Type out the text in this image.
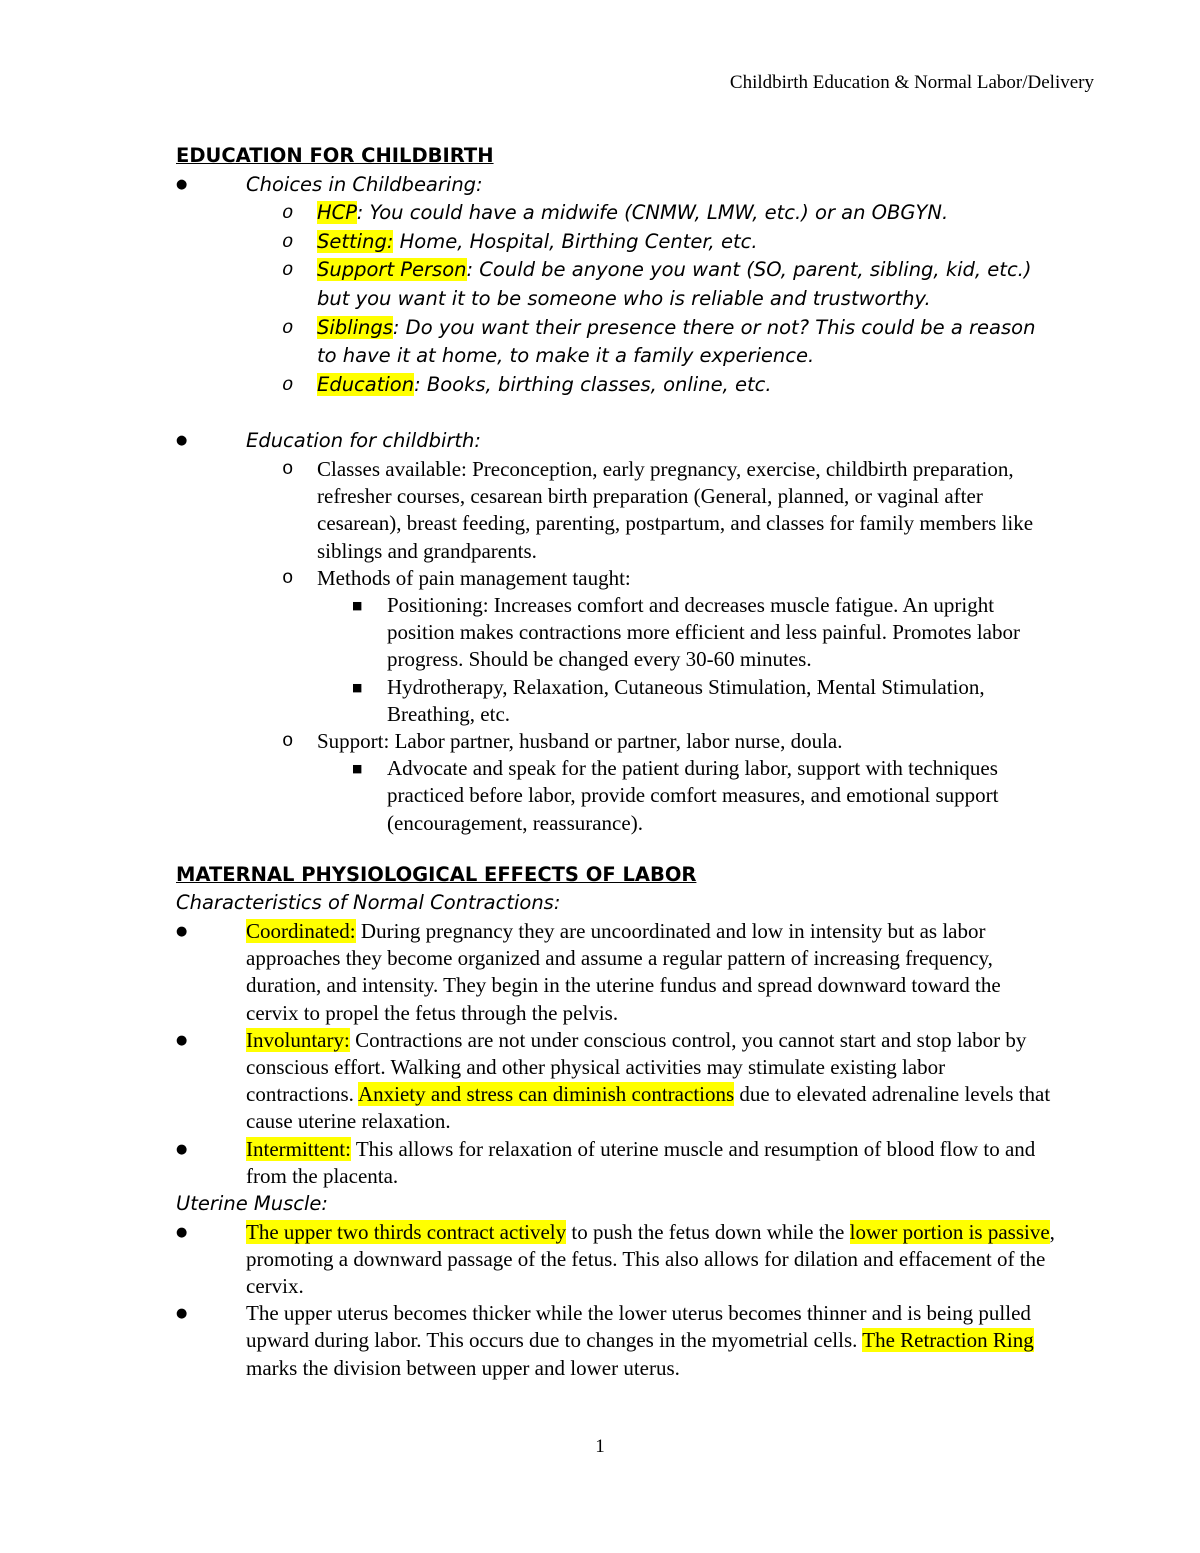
Childbirth Education & Normal Labor/Delivery
EDUCATION FOR CHILDBIRTH
●	Choices in Childbearing:
o HCP: You could have a midwife (CNMW, LMW, etc.) or an OBGYN.
o Setting: Home, Hospital, Birthing Center, etc.
o Support Person: Could be anyone you want (SO, parent, sibling, kid, etc.) but you want it to be someone who is reliable and trustworthy.
o Siblings: Do you want their presence there or not? This could be a reason to have it at home, to make it a family experience.
o Education: Books, birthing classes, online, etc.
●	Education for childbirth:
o Classes available: Preconception, early pregnancy, exercise, childbirth preparation, refresher courses, cesarean birth preparation (General, planned, or vaginal after cesarean), breast feeding, parenting, postpartum, and classes for family members like siblings and grandparents.
o Methods of pain management taught:
■ Positioning: Increases comfort and decreases muscle fatigue. An upright position makes contractions more efficient and less painful. Promotes labor progress. Should be changed every 30-60 minutes.
■ Hydrotherapy, Relaxation, Cutaneous Stimulation, Mental Stimulation, Breathing, etc.
o Support: Labor partner, husband or partner, labor nurse, doula.
■ Advocate and speak for the patient during labor, support with techniques practiced before labor, provide comfort measures, and emotional support (encouragement, reassurance).
MATERNAL PHYSIOLOGICAL EFFECTS OF LABOR
Characteristics of Normal Contractions:
●	Coordinated: During pregnancy they are uncoordinated and low in intensity but as labor approaches they become organized and assume a regular pattern of increasing frequency, duration, and intensity. They begin in the uterine fundus and spread downward toward the cervix to propel the fetus through the pelvis.
●	Involuntary: Contractions are not under conscious control, you cannot start and stop labor by conscious effort. Walking and other physical activities may stimulate existing labor contractions. Anxiety and stress can diminish contractions due to elevated adrenaline levels that cause uterine relaxation.
●	Intermittent: This allows for relaxation of uterine muscle and resumption of blood flow to and from the placenta.
Uterine Muscle:
●	The upper two thirds contract actively to push the fetus down while the lower portion is passive, promoting a downward passage of the fetus. This also allows for dilation and effacement of the cervix.
●	The upper uterus becomes thicker while the lower uterus becomes thinner and is being pulled upward during labor. This occurs due to changes in the myometrial cells. The Retraction Ring marks the division between upper and lower uterus.
1
